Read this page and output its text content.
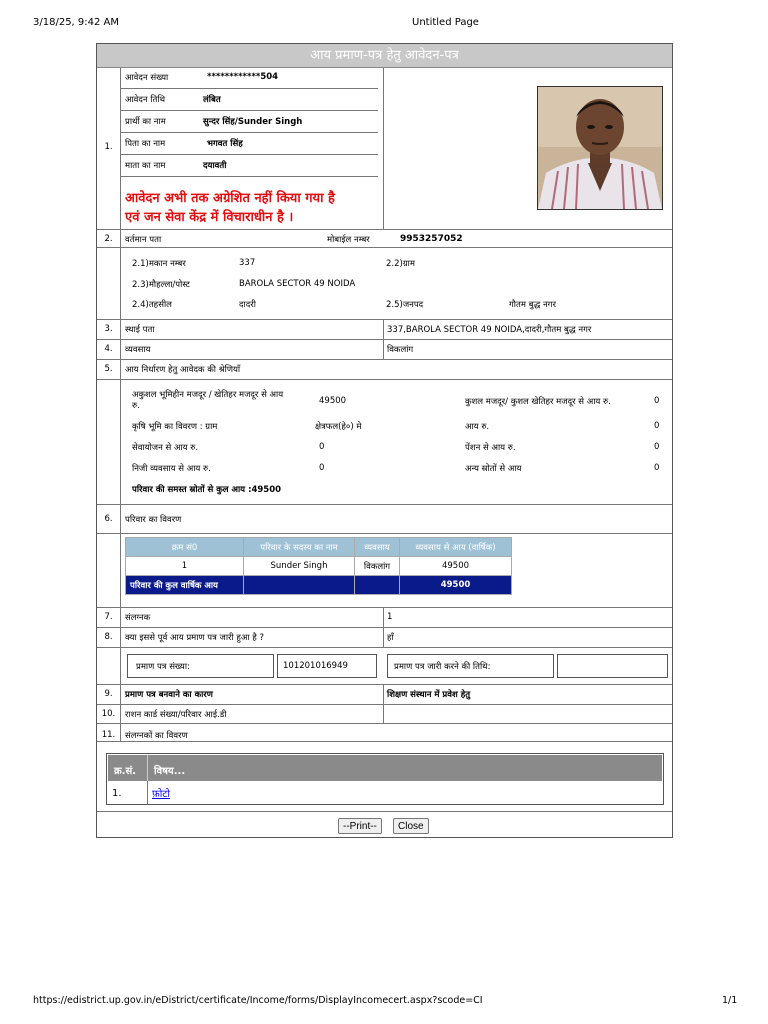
3/18/25, 9:42 AM	Untitled Page
आय प्रमाण-पत्र हेतु आवेदन-पत्र
1.
आवेदन संख्या	************504
आवेदन तिथि	लंबित
प्रार्थी का नाम	सुन्दर सिंह/Sunder Singh
पिता का नाम	भगवत सिंह
माता का नाम	दयावती
आवेदन अभी तक अग्रेशित नहीं किया गया है
एवं जन सेवा केंद्र में विचाराधीन है ।
2.	वर्तमान पता	मोबाईल नम्बर	9953257052
2.1)मकान नम्बर	337	2.2)ग्राम
2.3)मौहल्ला/पोस्ट	BAROLA SECTOR 49 NOIDA
2.4)तहसील	दादरी	2.5)जनपद	गौतम बुद्ध नगर
3.	स्थाई पता	337,BAROLA SECTOR 49 NOIDA,दादरी,गौतम बुद्ध नगर
4.	व्यवसाय	विकलांग
5.	आय निर्धारण हेतु आवेदक की श्रेणियाँ
अकुशल भूमिहीन मजदूर / खेतिहर मजदूर से आय
रु.	49500	कुशल मजदूर/ कुशल खेतिहर मजदूर से आय रु.	0
कृषि भूमि का विवरण : ग्राम	क्षेत्रफल(हे०) मे	आय रु.	0
सेवायोजन से आय रु.	0	पेंशन से आय रु.	0
निजी व्यवसाय से आय रु.	0	अन्य स्रोतों से आय	0
परिवार की समस्त स्रोतों से कुल आय :49500
6.	परिवार का विवरण
क्रम सं0	परिवार के सदस्य का नाम	व्यवसाय	व्यवसाय से आय (वार्षिक)
1	Sunder Singh	विकलांग	49500
परिवार की कुल वार्षिक आय			49500
7.	संलग्नक	1
8.	क्या इससे पूर्व आय प्रमाण पत्र जारी हुआ है ?	हाँ
प्रमाण पत्र संख्या:	101201016949	प्रमाण पत्र जारी करने की तिथि:
9.	प्रमाण पत्र बनवाने का कारण	शिक्षण संस्थान में प्रवेश हेतु
10.	राशन कार्ड संख्या/परिवार आई.डी
11.	संलग्नकों का विवरण
क्र.सं. विषय...
1.	फ़ोटो
--Print--	Close
https://edistrict.up.gov.in/eDistrict/certificate/Income/forms/DisplayIncomecert.aspx?scode=CI	1/1
